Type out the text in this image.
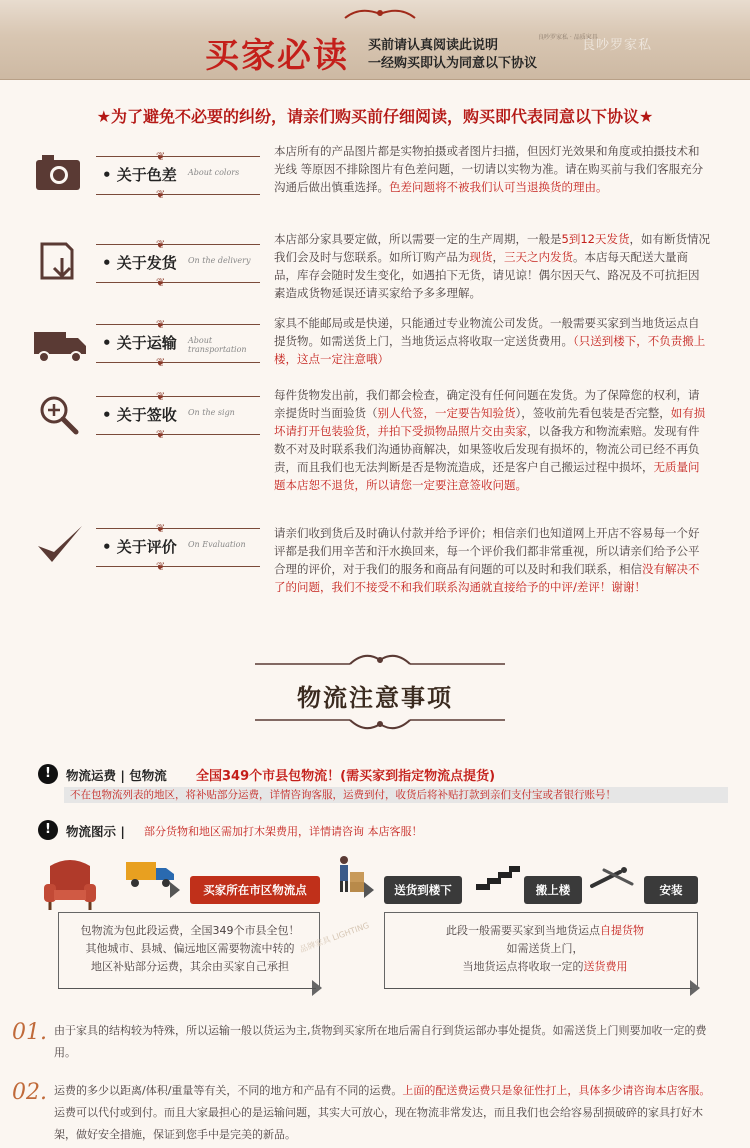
买家必读 买前请认真阅读此说明
一经购买即认为同意以下协议
良吵罗家私 · 品质家具
良吵罗家私
★为了避免不必要的纠纷，请亲们购买前仔细阅读，购买即代表同意以下协议★
❦
❦
• 关于色差 About colors
本店所有的产品图片都是实物拍摄或者图片扫描，但因灯光效果和角度或拍摄技术和光线 等原因不排除图片有色差问题，一切请以实物为准。请在购买前与我们客服充分沟通后做出慎重选择。色差问题将不被我们认可当退换货的理由。
❦
❦
• 关于发货 On the delivery
本店部分家具要定做，所以需要一定的生产周期，一般是5到12天发货，如有断货情况我们会及时与您联系。如所订购产品为现货，三天之内发货。本店每天配送大量商品，库存会随时发生变化，如遇拍下无货，请见谅！偶尔因天气、路况及不可抗拒因素造成货物延误还请买家给予多多理解。
❦
❦
• 关于运输 About transportation
家具不能邮局或是快递，只能通过专业物流公司发货。一般需要买家到当地货运点自提货物。如需送货上门，当地货运点将收取一定送货费用。（只送到楼下，不负责搬上楼，这点一定注意哦）
❦
❦
• 关于签收 On the sign
每件货物发出前，我们都会检查，确定没有任何问题在发货。为了保障您的权利，请亲提货时当面验货（别人代签，一定要告知验货），签收前先看包装是否完整，如有损坏请打开包装验货，并拍下受损物品照片交由卖家，以备我方和物流索赔。发现有件数不对及时联系我们沟通协商解决，如果签收后发现有损坏的，物流公司已经不再负责，而且我们也无法判断是否是物流造成，还是客户自己搬运过程中损坏，无质量问题本店恕不退货，所以请您一定要注意签收问题。
❦
❦
• 关于评价 On Evaluation
请亲们收到货后及时确认付款并给予评价；相信亲们也知道网上开店不容易每一个好评都是我们用辛苦和汗水换回来，每一个评价我们都非常重视，所以请亲们给予公平合理的评价，对于我们的服务和商品有问题的可以及时和我们联系，相信没有解决不了的问题，我们不接受不和我们联系沟通就直接给予的中评/差评！谢谢！
物流注意事项
!	物流运费 | 包物流 全国349个市县包物流！(需买家到指定物流点提货)
不在包物流列表的地区，将补贴部分运费，详情咨询客服，运费到付，收货后将补贴打款到亲们支付宝或者银行账号！
!	物流图示 | 部分货物和地区需加打木架费用，详情请咨询 本店客服！
买家所在市区物流点	送货到楼下	搬上楼	安装
包物流为包此段运费，全国349个市县全包！
其他城市、县城、偏远地区需要物流中转的
地区补贴部分运费，其余由买家自己承担
品牌家具 LIGHTING	此段一般需要买家到当地货运点自提货物
如需送货上门，
当地货运点将收取一定的送货费用
01. 由于家具的结构较为特殊，所以运输一般以货运为主,货物到买家所在地后需自行到货运部办事处提货。如需送货上门则要加收一定的费用。
02. 运费的多少以距离/体积/重量等有关，不同的地方和产品有不同的运费。上面的配送费运费只是象征性打上，具体多少请咨询本店客服。运费可以代付或到付。而且大家最担心的是运输问题，其实大可放心，现在物流非常发达，而且我们也会给容易刮损破碎的家具打好木架，做好安全措施，保证到您手中是完美的新品。
